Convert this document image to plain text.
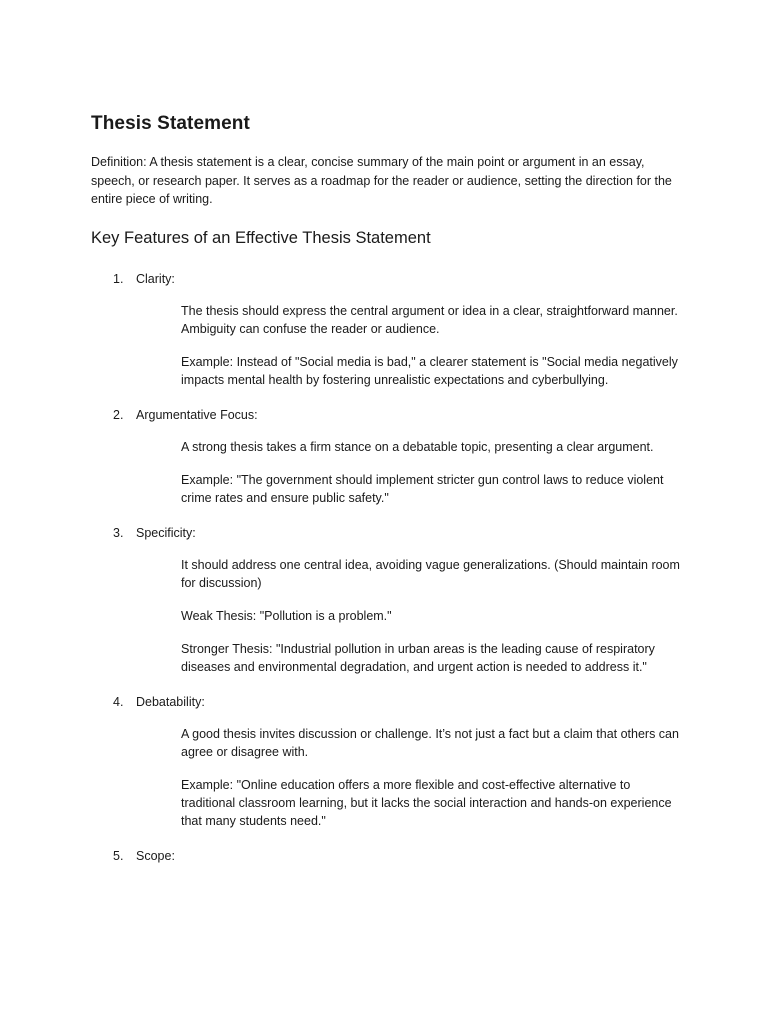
Thesis Statement

Definition: A thesis statement is a clear, concise summary of the main point or argument in an essay, speech, or research paper. It serves as a roadmap for the reader or audience, setting the direction for the entire piece of writing.

Key Features of an Effective Thesis Statement
1. Clarity:

The thesis should express the central argument or idea in a clear, straightforward manner. Ambiguity can confuse the reader or audience.

Example: Instead of "Social media is bad," a clearer statement is "Social media negatively impacts mental health by fostering unrealistic expectations and cyberbullying.

2. Argumentative Focus:

A strong thesis takes a firm stance on a debatable topic, presenting a clear argument.

Example: "The government should implement stricter gun control laws to reduce violent crime rates and ensure public safety."

3. Specificity:

It should address one central idea, avoiding vague generalizations. (Should maintain room for discussion)

Weak Thesis: "Pollution is a problem."

Stronger Thesis: "Industrial pollution in urban areas is the leading cause of respiratory diseases and environmental degradation, and urgent action is needed to address it."

4. Debatability:

A good thesis invites discussion or challenge. It’s not just a fact but a claim that others can agree or disagree with.

Example: "Online education offers a more flexible and cost-effective alternative to traditional classroom learning, but it lacks the social interaction and hands-on experience that many students need."

5. Scope:
